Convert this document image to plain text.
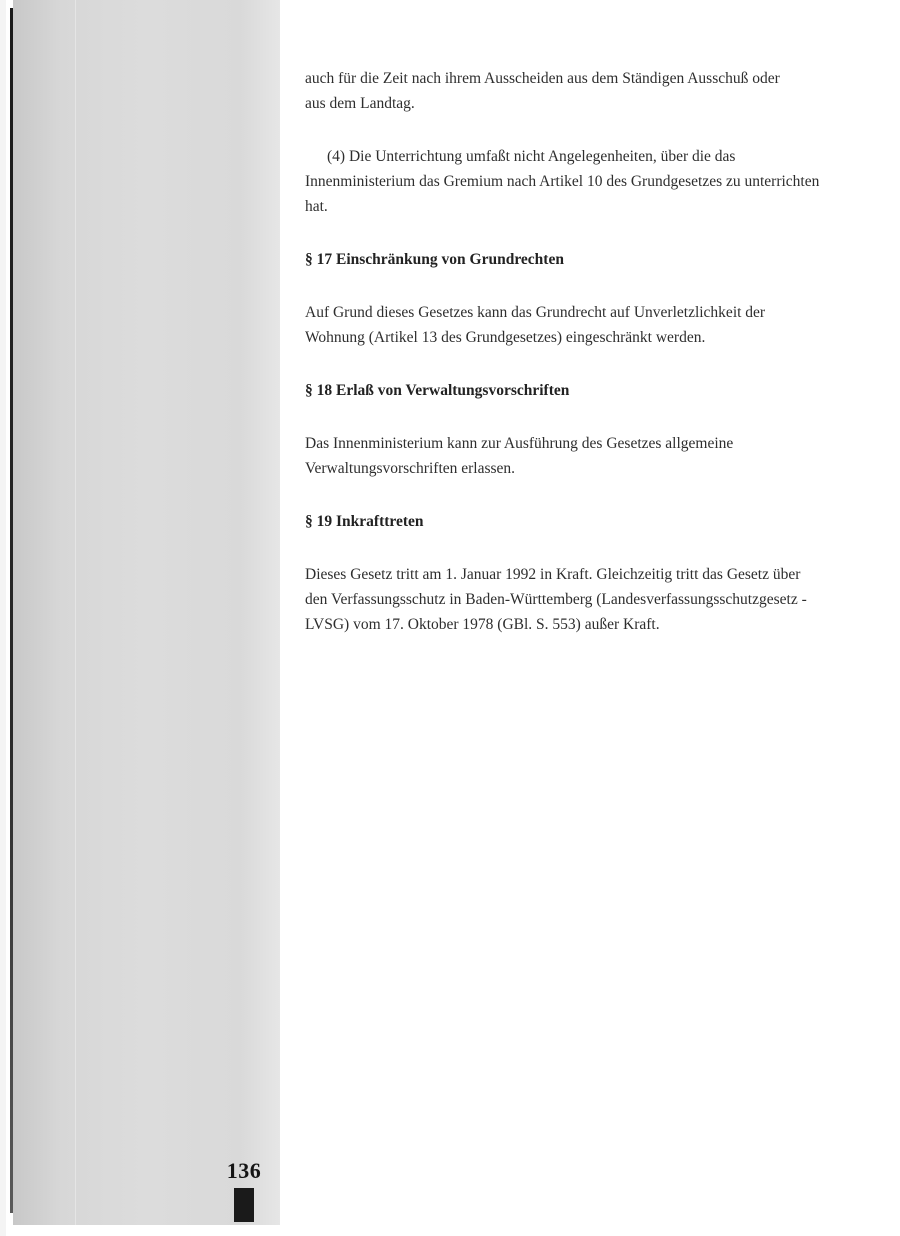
136

auch für die Zeit nach ihrem Ausscheiden aus dem Ständigen Ausschuß oder aus dem Landtag.

(4) Die Unterrichtung umfaßt nicht Angelegenheiten, über die das Innenministerium das Gremium nach Artikel 10 des Grundgesetzes zu unterrichten hat.

§ 17 Einschränkung von Grundrechten

Auf Grund dieses Gesetzes kann das Grundrecht auf Unverletzlichkeit der Wohnung (Artikel 13 des Grundgesetzes) eingeschränkt werden.

§ 18 Erlaß von Verwaltungsvorschriften

Das Innenministerium kann zur Ausführung des Gesetzes allgemeine Verwaltungsvorschriften erlassen.

§ 19 Inkrafttreten

Dieses Gesetz tritt am 1. Januar 1992 in Kraft. Gleichzeitig tritt das Gesetz über den Verfassungsschutz in Baden-Württemberg (Landesverfassungsschutzgesetz - LVSG) vom 17. Oktober 1978 (GBl. S. 553) außer Kraft.
